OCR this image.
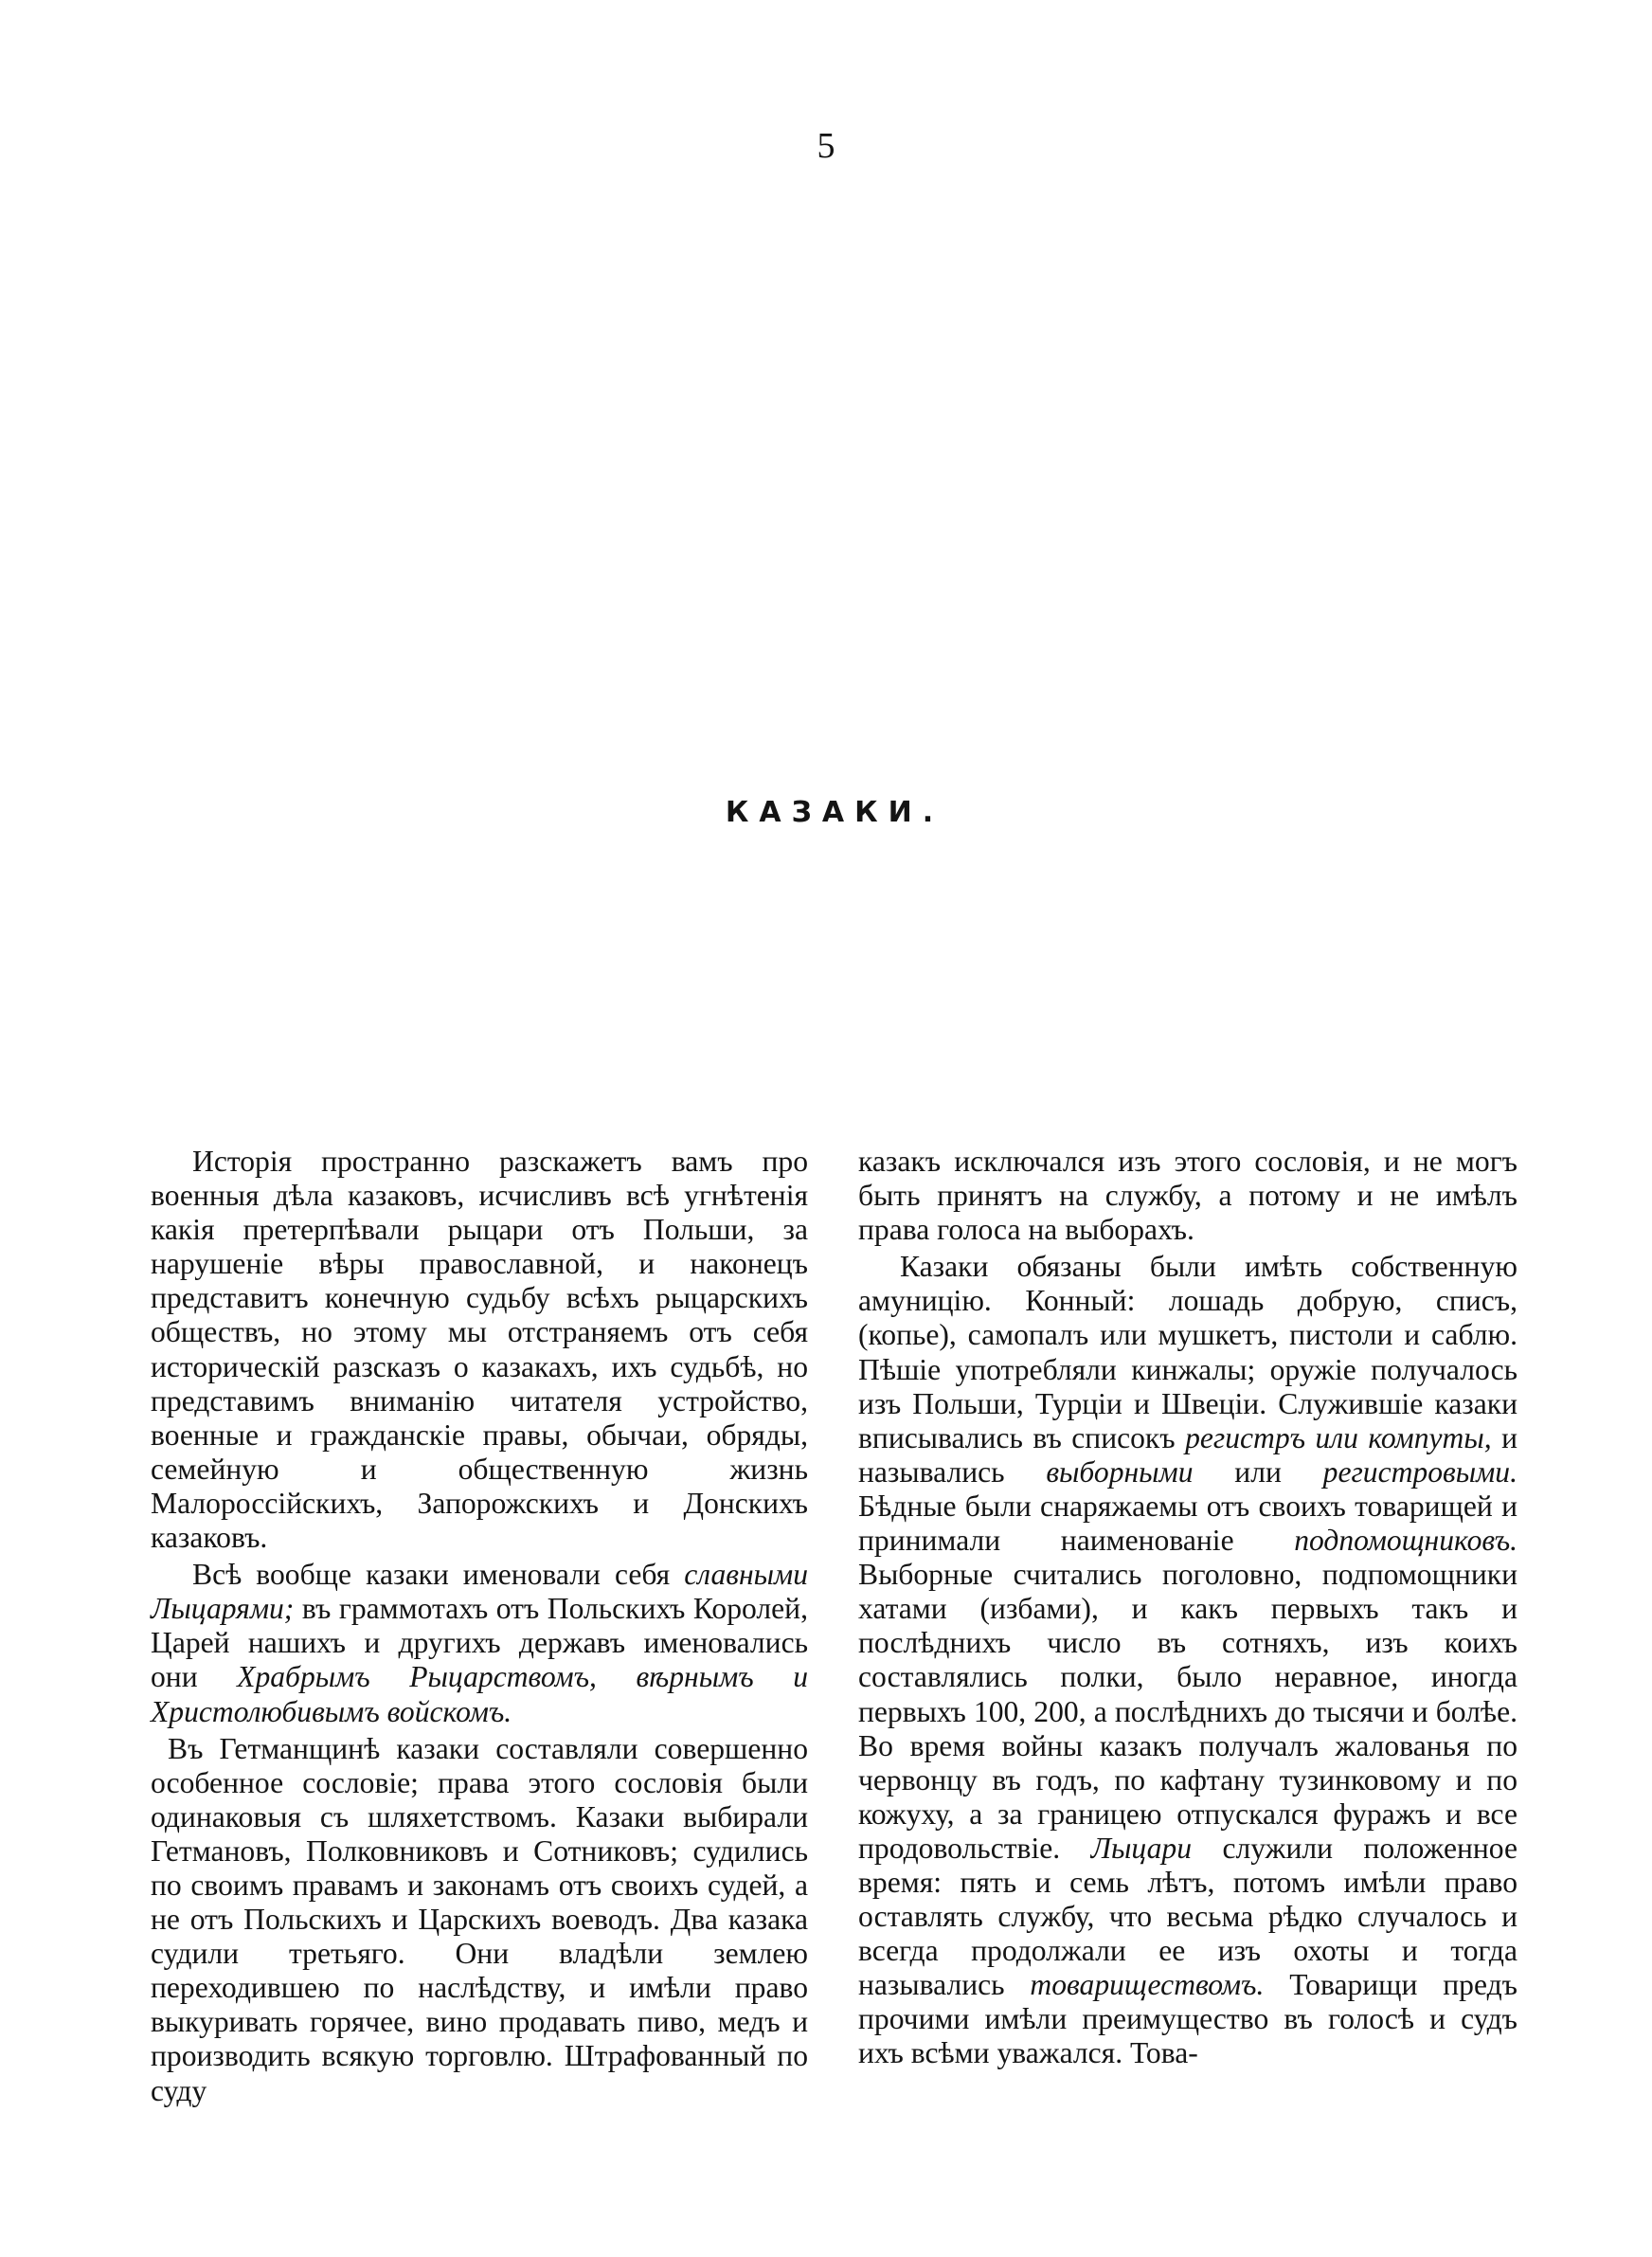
5
КАЗАКИ.

Исторія пространно разскажетъ вамъ про военныя дѣла казаковъ, исчисливъ всѣ угнѣтенія какія претерпѣвали рыцари отъ Польши, за нарушеніе вѣры православной, и наконецъ представитъ конечную судьбу всѣхъ рыцарскихъ обществъ, но этому мы отстраняемъ отъ себя историческій разсказъ о казакахъ, ихъ судьбѣ, но представимъ вниманію читателя устройство, военные и гражданскіе правы, обычаи, обряды, семейную и общественную жизнь Малороссійскихъ, Запорожскихъ и Донскихъ казаковъ.

Всѣ вообще казаки именовали себя славными Лыцарями; въ граммотахъ отъ Польскихъ Королей, Царей нашихъ и другихъ державъ именовались они Храбрымъ Рыцарствомъ, вѣрнымъ и Христолюбивымъ войскомъ.

Въ Гетманщинѣ казаки составляли совершенно особенное сословіе; права этого сословія были одинаковыя съ шляхетствомъ. Казаки выбирали Гетмановъ, Полковниковъ и Сотниковъ; судились по своимъ правамъ и законамъ отъ своихъ судей, а не отъ Польскихъ и Царскихъ воеводъ. Два казака судили третьяго. Они владѣли землею переходившею по наслѣдству, и имѣли право выкуривать горячее, вино продавать пиво, медъ и производить всякую торговлю. Штрафованный по суду

казакъ исключался изъ этого сословія, и не могъ быть принятъ на службу, а потому и не имѣлъ права голоса на выборахъ.

Казаки обязаны были имѣть собственную амуницію. Конный: лошадь добрую, списъ, (копье), самопалъ или мушкетъ, пистоли и саблю. Пѣшіе употребляли кинжалы; оружіе получалось изъ Польши, Турціи и Швеціи. Служившіе казаки вписывались въ списокъ регистръ или компуты, и назывались выборными или регистровыми. Бѣдные были снаряжаемы отъ своихъ товарищей и принимали наименованіе подпомощниковъ. Выборные считались поголовно, подпомощники хатами (избами), и какъ первыхъ такъ и послѣднихъ число въ сотняхъ, изъ коихъ составлялись полки, было неравное, иногда первыхъ 100, 200, а послѣднихъ до тысячи и болѣе. Во время войны казакъ получалъ жалованья по червонцу въ годъ, по кафтану тузинковому и по кожуху, а за границею отпускался фуражъ и все продовольствіе. Лыцари служили положенное время: пять и семь лѣтъ, потомъ имѣли право оставлять службу, что весьма рѣдко случалось и всегда продолжали ее изъ охоты и тогда назывались товариществомъ. Товарищи предъ прочими имѣли преимущество въ голосѣ и судъ ихъ всѣми уважался. Това-
